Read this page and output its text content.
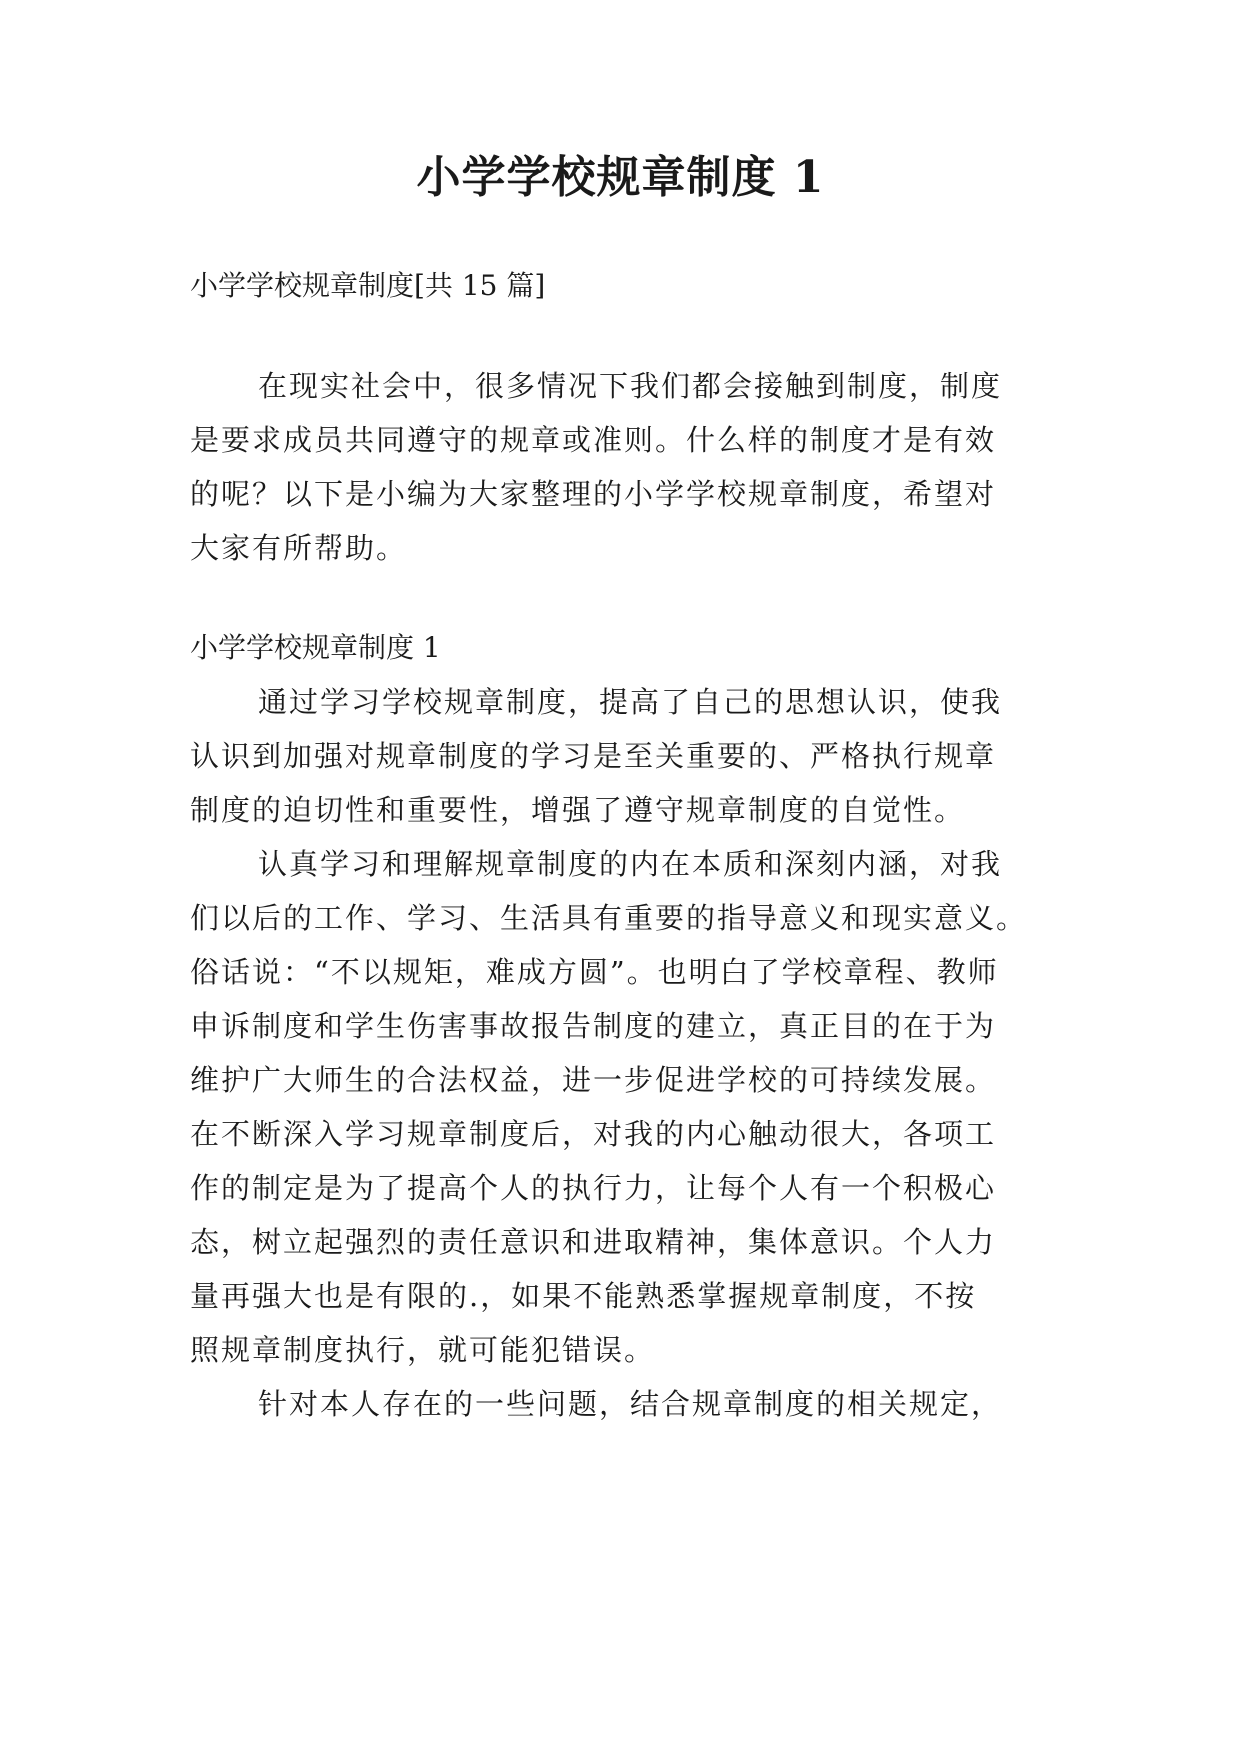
小学学校规章制度 1
小学学校规章制度[共 15 篇]
在现实社会中，很多情况下我们都会接触到制度，制度
是要求成员共同遵守的规章或准则。什么样的制度才是有效
的呢？以下是小编为大家整理的小学学校规章制度，希望对
大家有所帮助。
小学学校规章制度 1
通过学习学校规章制度，提高了自己的思想认识，使我
认识到加强对规章制度的学习是至关重要的、严格执行规章
制度的迫切性和重要性，增强了遵守规章制度的自觉性。
认真学习和理解规章制度的内在本质和深刻内涵，对我
们以后的工作、学习、生活具有重要的指导意义和现实意义。
俗话说：“不以规矩，难成方圆”。也明白了学校章程、教师
申诉制度和学生伤害事故报告制度的建立，真正目的在于为
维护广大师生的合法权益，进一步促进学校的可持续发展。
在不断深入学习规章制度后，对我的内心触动很大，各项工
作的制定是为了提高个人的执行力，让每个人有一个积极心
态，树立起强烈的责任意识和进取精神，集体意识。个人力
量再强大也是有限的.，如果不能熟悉掌握规章制度，不按
照规章制度执行，就可能犯错误。
针对本人存在的一些问题，结合规章制度的相关规定，
